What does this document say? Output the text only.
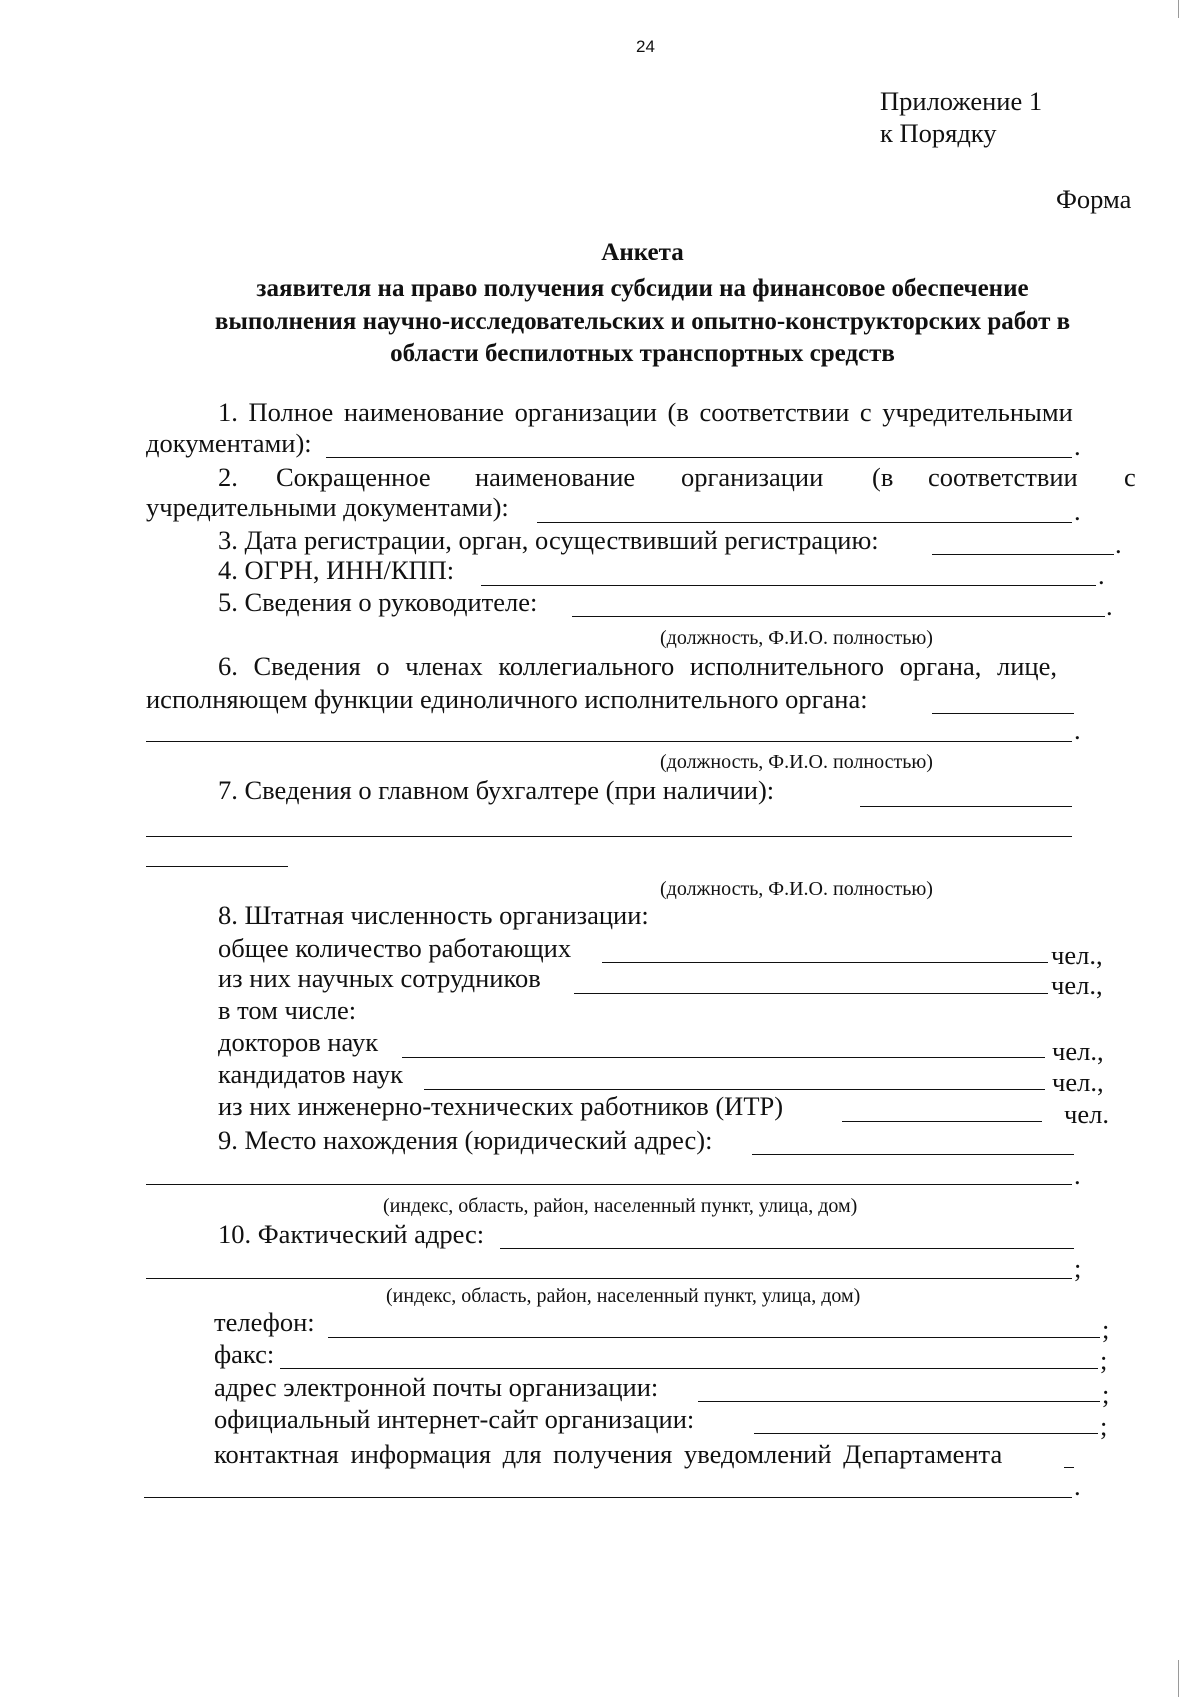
24
Приложение 1
к Порядку
Форма
Анкета
заявителя на право получения субсидии на финансовое обеспечение
выполнения научно-исследовательских и опытно-конструкторских работ в
области беспилотных транспортных средств
1. Полное наименование организации (в соответствии с учредительными
документами):	.
2. Сокращенное наименование организации (в соответствии с
учредительными документами):	.
3. Дата регистрации, орган, осуществивший регистрацию:	.
4. ОГРН, ИНН/КПП:	.
5. Сведения о руководителе:	.
(должность, Ф.И.О. полностью)
6. Сведения о членах коллегиального исполнительного органа, лице,
исполняющем функции единоличного исполнительного органа:
.
(должность, Ф.И.О. полностью)
7. Сведения о главном бухгалтере (при наличии):
(должность, Ф.И.О. полностью)
8. Штатная численность организации:
общее количество работающих	чел.,
из них научных сотрудников	чел.,
в том числе:
докторов наук	чел.,
кандидатов наук	чел.,
из них инженерно-технических работников (ИТР)	чел.
9. Место нахождения (юридический адрес):
.
(индекс, область, район, населенный пункт, улица, дом)
10. Фактический адрес:
;
(индекс, область, район, населенный пункт, улица, дом)
телефон:	;
факс:	;
адрес электронной почты организации:	;
официальный интернет-сайт организации:	;
контактная информация для получения уведомлений Департамента
.
